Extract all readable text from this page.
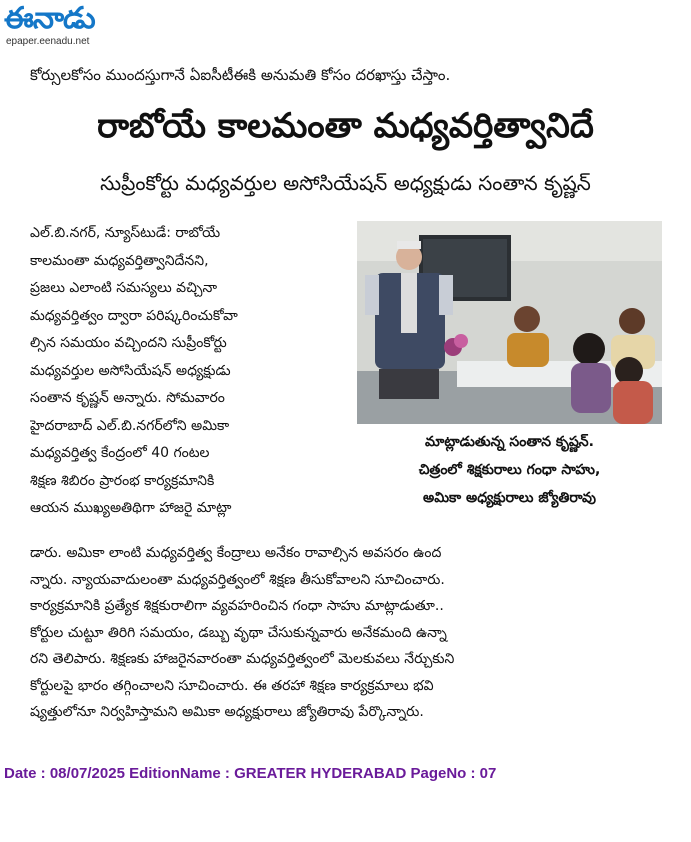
ఈనాడు
epaper.eenadu.net
కోర్సులకోసం ముందస్తుగానే ఏఐసీటీఈకి అనుమతి కోసం దరఖాస్తు చేస్తాం.
రాబోయే కాలమంతా మధ్యవర్తిత్వానిదే
సుప్రీంకోర్టు మధ్యవర్తుల అసోసియేషన్ అధ్యక్షుడు సంతాన కృష్ణన్

ఎల్.బి.నగర్, న్యూస్‌టుడే: రాబోయే

కాలమంతా మధ్యవర్తిత్వానిదేనని,

ప్రజలు ఎలాంటి సమస్యలు వచ్చినా

మధ్యవర్తిత్వం ద్వారా పరిష్కరించుకోవా

ల్సిన సమయం వచ్చిందని సుప్రీంకోర్టు

మధ్యవర్తుల అసోసియేషన్ అధ్యక్షుడు

సంతాన కృష్ణన్ అన్నారు. సోమవారం

హైదరాబాద్ ఎల్.బి.నగర్‌లోని అమికా

మధ్యవర్తిత్వ కేంద్రంలో 40 గంటల

శిక్షణ శిబిరం ప్రారంభ కార్యక్రమానికి

ఆయన ముఖ్యఅతిథిగా హాజరై మాట్లా

మాట్లాడుతున్న సంతాన కృష్ణన్.

చిత్రంలో శిక్షకురాలు గంధా సాహు,

అమికా అధ్యక్షురాలు జ్యోతిరావు

డారు. అమికా లాంటి మధ్యవర్తిత్వ కేంద్రాలు అనేకం రావాల్సిన అవసరం ఉంద

న్నారు. న్యాయవాదులంతా మధ్యవర్తిత్వంలో శిక్షణ తీసుకోవాలని సూచించారు.

కార్యక్రమానికి ప్రత్యేక శిక్షకురాలిగా వ్యవహరించిన గంధా సాహు మాట్లాడుతూ..

కోర్టుల చుట్టూ తిరిగి సమయం, డబ్బు వృథా చేసుకున్నవారు అనేకమంది ఉన్నా

రని తెలిపారు. శిక్షణకు హాజరైనవారంతా మధ్యవర్తిత్వంలో మెలకువలు నేర్చుకుని

కోర్టులపై భారం తగ్గించాలని సూచించారు. ఈ తరహా శిక్షణ కార్యక్రమాలు భవి

ష్యత్తులోనూ నిర్వహిస్తామని అమికా అధ్యక్షురాలు జ్యోతిరావు పేర్కొన్నారు.

Date : 08/07/2025 EditionName : GREATER HYDERABAD PageNo : 07
